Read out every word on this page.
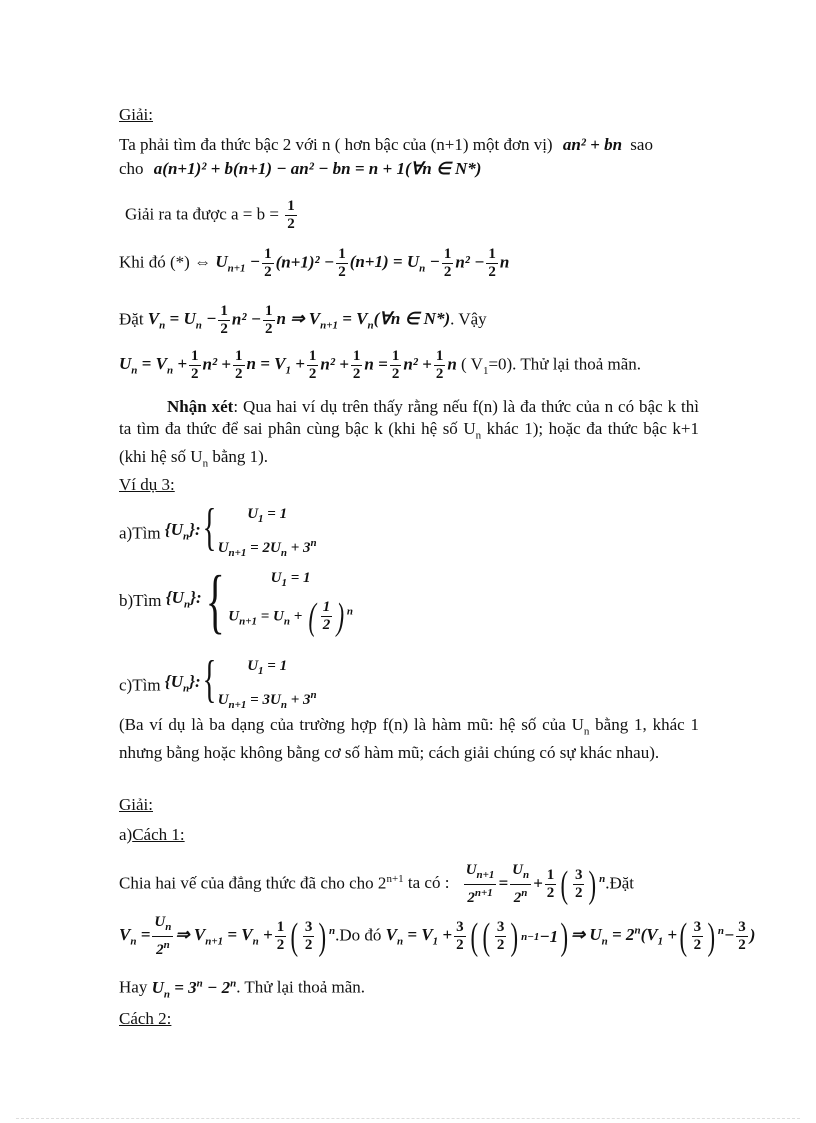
Giải:
Ta phải tìm đa thức bậc 2 với n ( hơn bậc của (n+1) một đơn vị) an² + bn sao
cho a(n+1)² + b(n+1) − an² − bn = n + 1(∀n ∈ N*)
Giải ra ta được $a = b = \frac{1}{2}$
Khi đó (*) ⇔ $U_{n+1} - \frac{1}{2} (n+1)^2 - \frac{1}{2} (n+1) = U_n - \frac{1}{2} n^2 - \frac{1}{2}$ n
Đặt $V_n = U_n - \frac{1}{2} n^2 - \frac{1}{2}$ n ⇒ $V_{n+1}$ = $V_n(\forall n$ ∈ N*). Vậy
$U_n = V_n + \frac{1}{2} n^2 + \frac{1}{2}$ $n = V_1 + \frac{1}{2} n^2 + \frac{1}{2}$ $n = \frac{1}{2} n^2 + \frac{1}{2}$ n ( $V_1=0$). Thử lại thoả mãn.
Nhận xét: Qua hai ví dụ trên thấy rằng nếu f(n) là đa thức của n có bậc k thì ta tìm đa thức để sai phân cùng bậc k (khi hệ số $U_n$ khác 1); hoặc đa thức bậc k+1 (khi hệ số $U_n$ bằng 1).
Ví dụ 3:
a)Tìm $\{U_n\}$: {	$U_1 = 1$
$U_{n+1} = 2U_n + 3^n$
b)Tìm $\{U_n\}$: {	$U_1 = 1$
$U_{n+1} = U_n$ + ( $\frac{1}{2}$ ) $^n$
c)Tìm $\{U_n\}$: {	$U_1 = 1$
$U_{n+1} = 3U_n + 3^n$
(Ba ví dụ là ba dạng của trường hợp f(n) là hàm mũ: hệ số của $U_n$ bằng 1, khác 1 nhưng bằng hoặc không bằng cơ số hàm mũ; cách giải chúng có sự khác nhau).
Giải:
a)Cách 1:
Chia hai vế của đẳng thức đã cho cho $2^{n+1}$ ta có : $\frac{U_{n+1}}{2^{n+1}} = \frac{U_n}{2^n} + \frac{1}{2}$ ( $\frac{3}{2}$ ) $^n$.Đặt
$V_n = \frac{U_n}{2^n}$ ⇒ $V_{n+1} = V_n + \frac{1}{2}$ ( $\frac{3}{2}$ ) $^n$.Do đó $V_n = V_1 + \frac{3}{2}$ ( ( $\frac{3}{2}$ ) n−1 −1 ) ⇒ $U_n = 2^n(V_1$ + ( $\frac{3}{2}$ ) $^n- \frac{3}{2}$ )
Hay $U_n = 3^n - 2^n$. Thử lại thoả mãn.
Cách 2:
